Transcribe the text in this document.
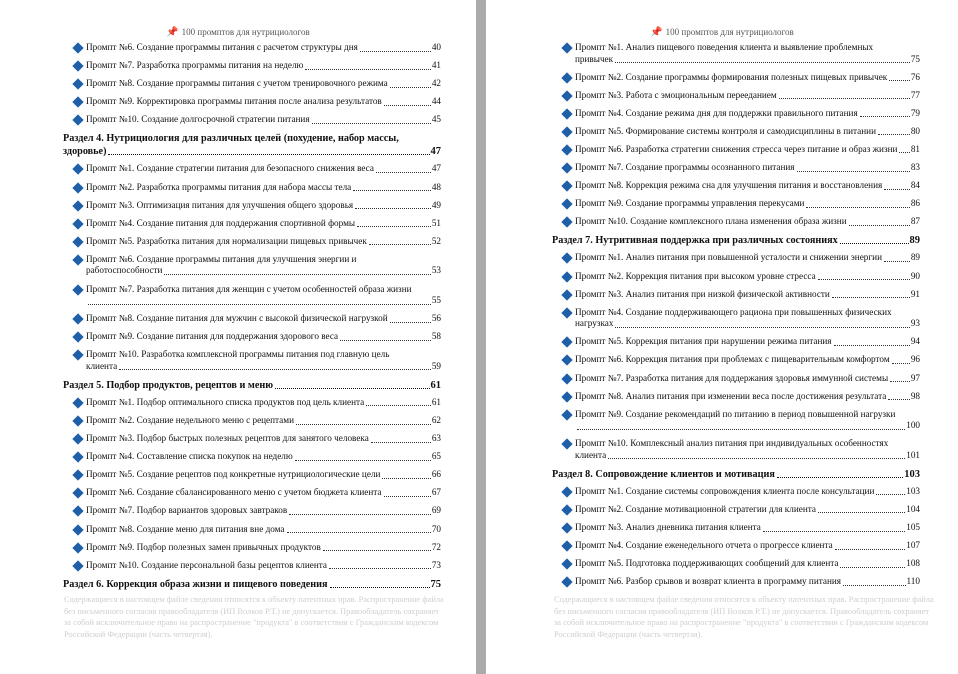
📌 100 промптов для нутрициологов
Промпт №6. Создание программы питания с расчетом структуры дня	40
Промпт №7. Разработка программы питания на неделю	41
Промпт №8. Создание программы питания с учетом тренировочного режима	42
Промпт №9. Корректировка программы питания после анализа результатов	44
Промпт №10. Создание долгосрочной стратегии питания	45
Раздел 4. Нутрициология для различных целей (похудение, набор массы,
здоровье)	47
Промпт №1. Создание стратегии питания для безопасного снижения веса	47
Промпт №2. Разработка программы питания для набора массы тела	48
Промпт №3. Оптимизация питания для улучшения общего здоровья	49
Промпт №4. Создание питания для поддержания спортивной формы	51
Промпт №5. Разработка питания для нормализации пищевых привычек	52
Промпт №6. Создание программы питания для улучшения энергии и
работоспособности	53
Промпт №7. Разработка питания для женщин с учетом особенностей образа жизни
55
Промпт №8. Создание питания для мужчин с высокой физической нагрузкой	56
Промпт №9. Создание питания для поддержания здорового веса	58
Промпт №10. Разработка комплексной программы питания под главную цель
клиента	59
Раздел 5. Подбор продуктов, рецептов и меню	61
Промпт №1. Подбор оптимального списка продуктов под цель клиента	61
Промпт №2. Создание недельного меню с рецептами	62
Промпт №3. Подбор быстрых полезных рецептов для занятого человека	63
Промпт №4. Составление списка покупок на неделю	65
Промпт №5. Создание рецептов под конкретные нутрициологические цели	66
Промпт №6. Создание сбалансированного меню с учетом бюджета клиента	67
Промпт №7. Подбор вариантов здоровых завтраков	69
Промпт №8. Создание меню для питания вне дома	70
Промпт №9. Подбор полезных замен привычных продуктов	72
Промпт №10. Создание персональной базы рецептов клиента	73
Раздел 6. Коррекция образа жизни и пищевого поведения	75
Содержащиеся в настоящем файле сведения относятся к объекту патентных прав. Распространение файла без письменного согласия правообладателя (ИП Волков Р.Т.) не допускается. Правообладатель сохраняет за собой исключительное право на распространение "продукта" в соответствии с Гражданским кодексом Российской Федерации (часть четвертая).
📌 100 промптов для нутрициологов
Промпт №1. Анализ пищевого поведения клиента и выявление проблемных
привычек	75
Промпт №2. Создание программы формирования полезных пищевых привычек	76
Промпт №3. Работа с эмоциональным перееданием	77
Промпт №4. Создание режима дня для поддержки правильного питания	79
Промпт №5. Формирование системы контроля и самодисциплины в питании	80
Промпт №6. Разработка стратегии снижения стресса через питание и образ жизни 81
Промпт №7. Создание программы осознанного питания	83
Промпт №8. Коррекция режима сна для улучшения питания и восстановления	84
Промпт №9. Создание программы управления перекусами	86
Промпт №10. Создание комплексного плана изменения образа жизни	87
Раздел 7. Нутритивная поддержка при различных состояниях	89
Промпт №1. Анализ питания при повышенной усталости и снижении энергии	89
Промпт №2. Коррекция питания при высоком уровне стресса	90
Промпт №3. Анализ питания при низкой физической активности	91
Промпт №4. Создание поддерживающего рациона при повышенных физических
нагрузках	93
Промпт №5. Коррекция питания при нарушении режима питания	94
Промпт №6. Коррекция питания при проблемах с пищеварительным комфортом 96
Промпт №7. Разработка питания для поддержания здоровья иммунной системы 97
Промпт №8. Анализ питания при изменении веса после достижения результата	98
Промпт №9. Создание рекомендаций по питанию в период повышенной нагрузки
100
Промпт №10. Комплексный анализ питания при индивидуальных особенностях
клиента	101
Раздел 8. Сопровождение клиентов и мотивация	103
Промпт №1. Создание системы сопровождения клиента после консультации	103
Промпт №2. Создание мотивационной стратегии для клиента	104
Промпт №3. Анализ дневника питания клиента	105
Промпт №4. Создание еженедельного отчета о прогрессе клиента	107
Промпт №5. Подготовка поддерживающих сообщений для клиента	108
Промпт №6. Разбор срывов и возврат клиента в программу питания	110
Содержащиеся в настоящем файле сведения относятся к объекту патентных прав. Распространение файла без письменного согласия правообладателя (ИП Волков Р.Т.) не допускается. Правообладатель сохраняет за собой исключительное право на распространение "продукта" в соответствии с Гражданским кодексом Российской Федерации (часть четвертая).
